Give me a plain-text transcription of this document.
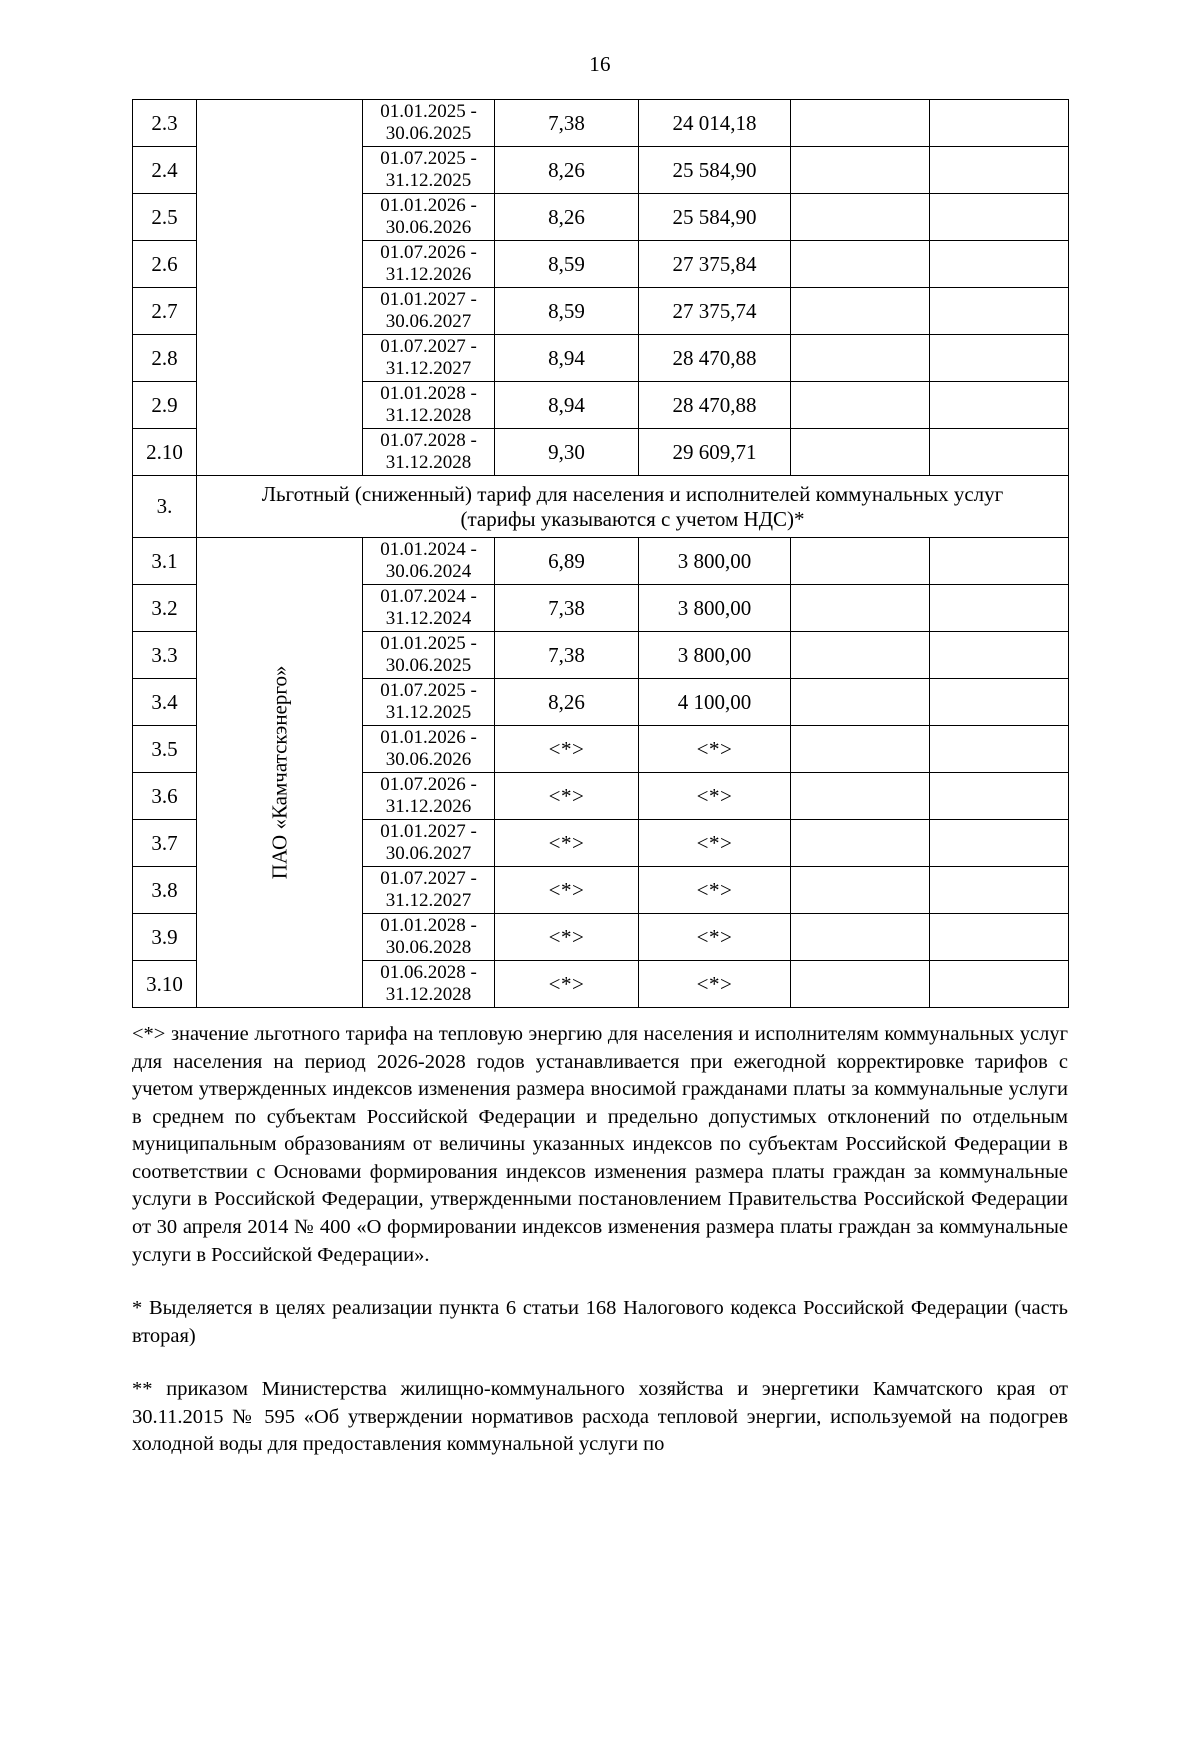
16
2.3		01.01.2025 -
30.06.2025	7,38	24 014,18		
2.4		01.07.2025 -
31.12.2025	8,26	25 584,90		
2.5		01.01.2026 -
30.06.2026	8,26	25 584,90		
2.6		01.07.2026 -
31.12.2026	8,59	27 375,84		
2.7		01.01.2027 -
30.06.2027	8,59	27 375,74		
2.8		01.07.2027 -
31.12.2027	8,94	28 470,88		
2.9		01.01.2028 -
31.12.2028	8,94	28 470,88		
2.10		01.07.2028 -
31.12.2028	9,30	29 609,71		
3.	Льготный (сниженный) тариф для населения и исполнителей коммунальных услуг
(тарифы указываются с учетом НДС)*					
3.1	ПАО «Камчатскэнерго»	01.01.2024 -
30.06.2024	6,89	3 800,00		
3.2		01.07.2024 -
31.12.2024	7,38	3 800,00		
3.3		01.01.2025 -
30.06.2025	7,38	3 800,00		
3.4		01.07.2025 -
31.12.2025	8,26	4 100,00		
3.5		01.01.2026 -
30.06.2026	<*>	<*>		
3.6		01.07.2026 -
31.12.2026	<*>	<*>		
3.7		01.01.2027 -
30.06.2027	<*>	<*>		
3.8		01.07.2027 -
31.12.2027	<*>	<*>		
3.9		01.01.2028 -
30.06.2028	<*>	<*>		
3.10		01.06.2028 -
31.12.2028	<*>	<*>		

<*> значение льготного тарифа на тепловую энергию для населения и исполнителям коммунальных услуг для населения на период 2026-2028 годов устанавливается при ежегодной корректировке тарифов с учетом утвержденных индексов изменения размера вносимой гражданами платы за коммунальные услуги в среднем по субъектам Российской Федерации и предельно допустимых отклонений по отдельным муниципальным образованиям от величины указанных индексов по субъектам Российской Федерации в соответствии с Основами формирования индексов изменения размера платы граждан за коммунальные услуги в Российской Федерации, утвержденными постановлением Правительства Российской Федерации от 30 апреля 2014 № 400 «О формировании индексов изменения размера платы граждан за коммунальные услуги в Российской Федерации».

* Выделяется в целях реализации пункта 6 статьи 168 Налогового кодекса Российской Федерации (часть вторая)

** приказом Министерства жилищно-коммунального хозяйства и энергетики Камчатского края от 30.11.2015 № 595 «Об утверждении нормативов расхода тепловой энергии, используемой на подогрев холодной воды для предоставления коммунальной услуги по
